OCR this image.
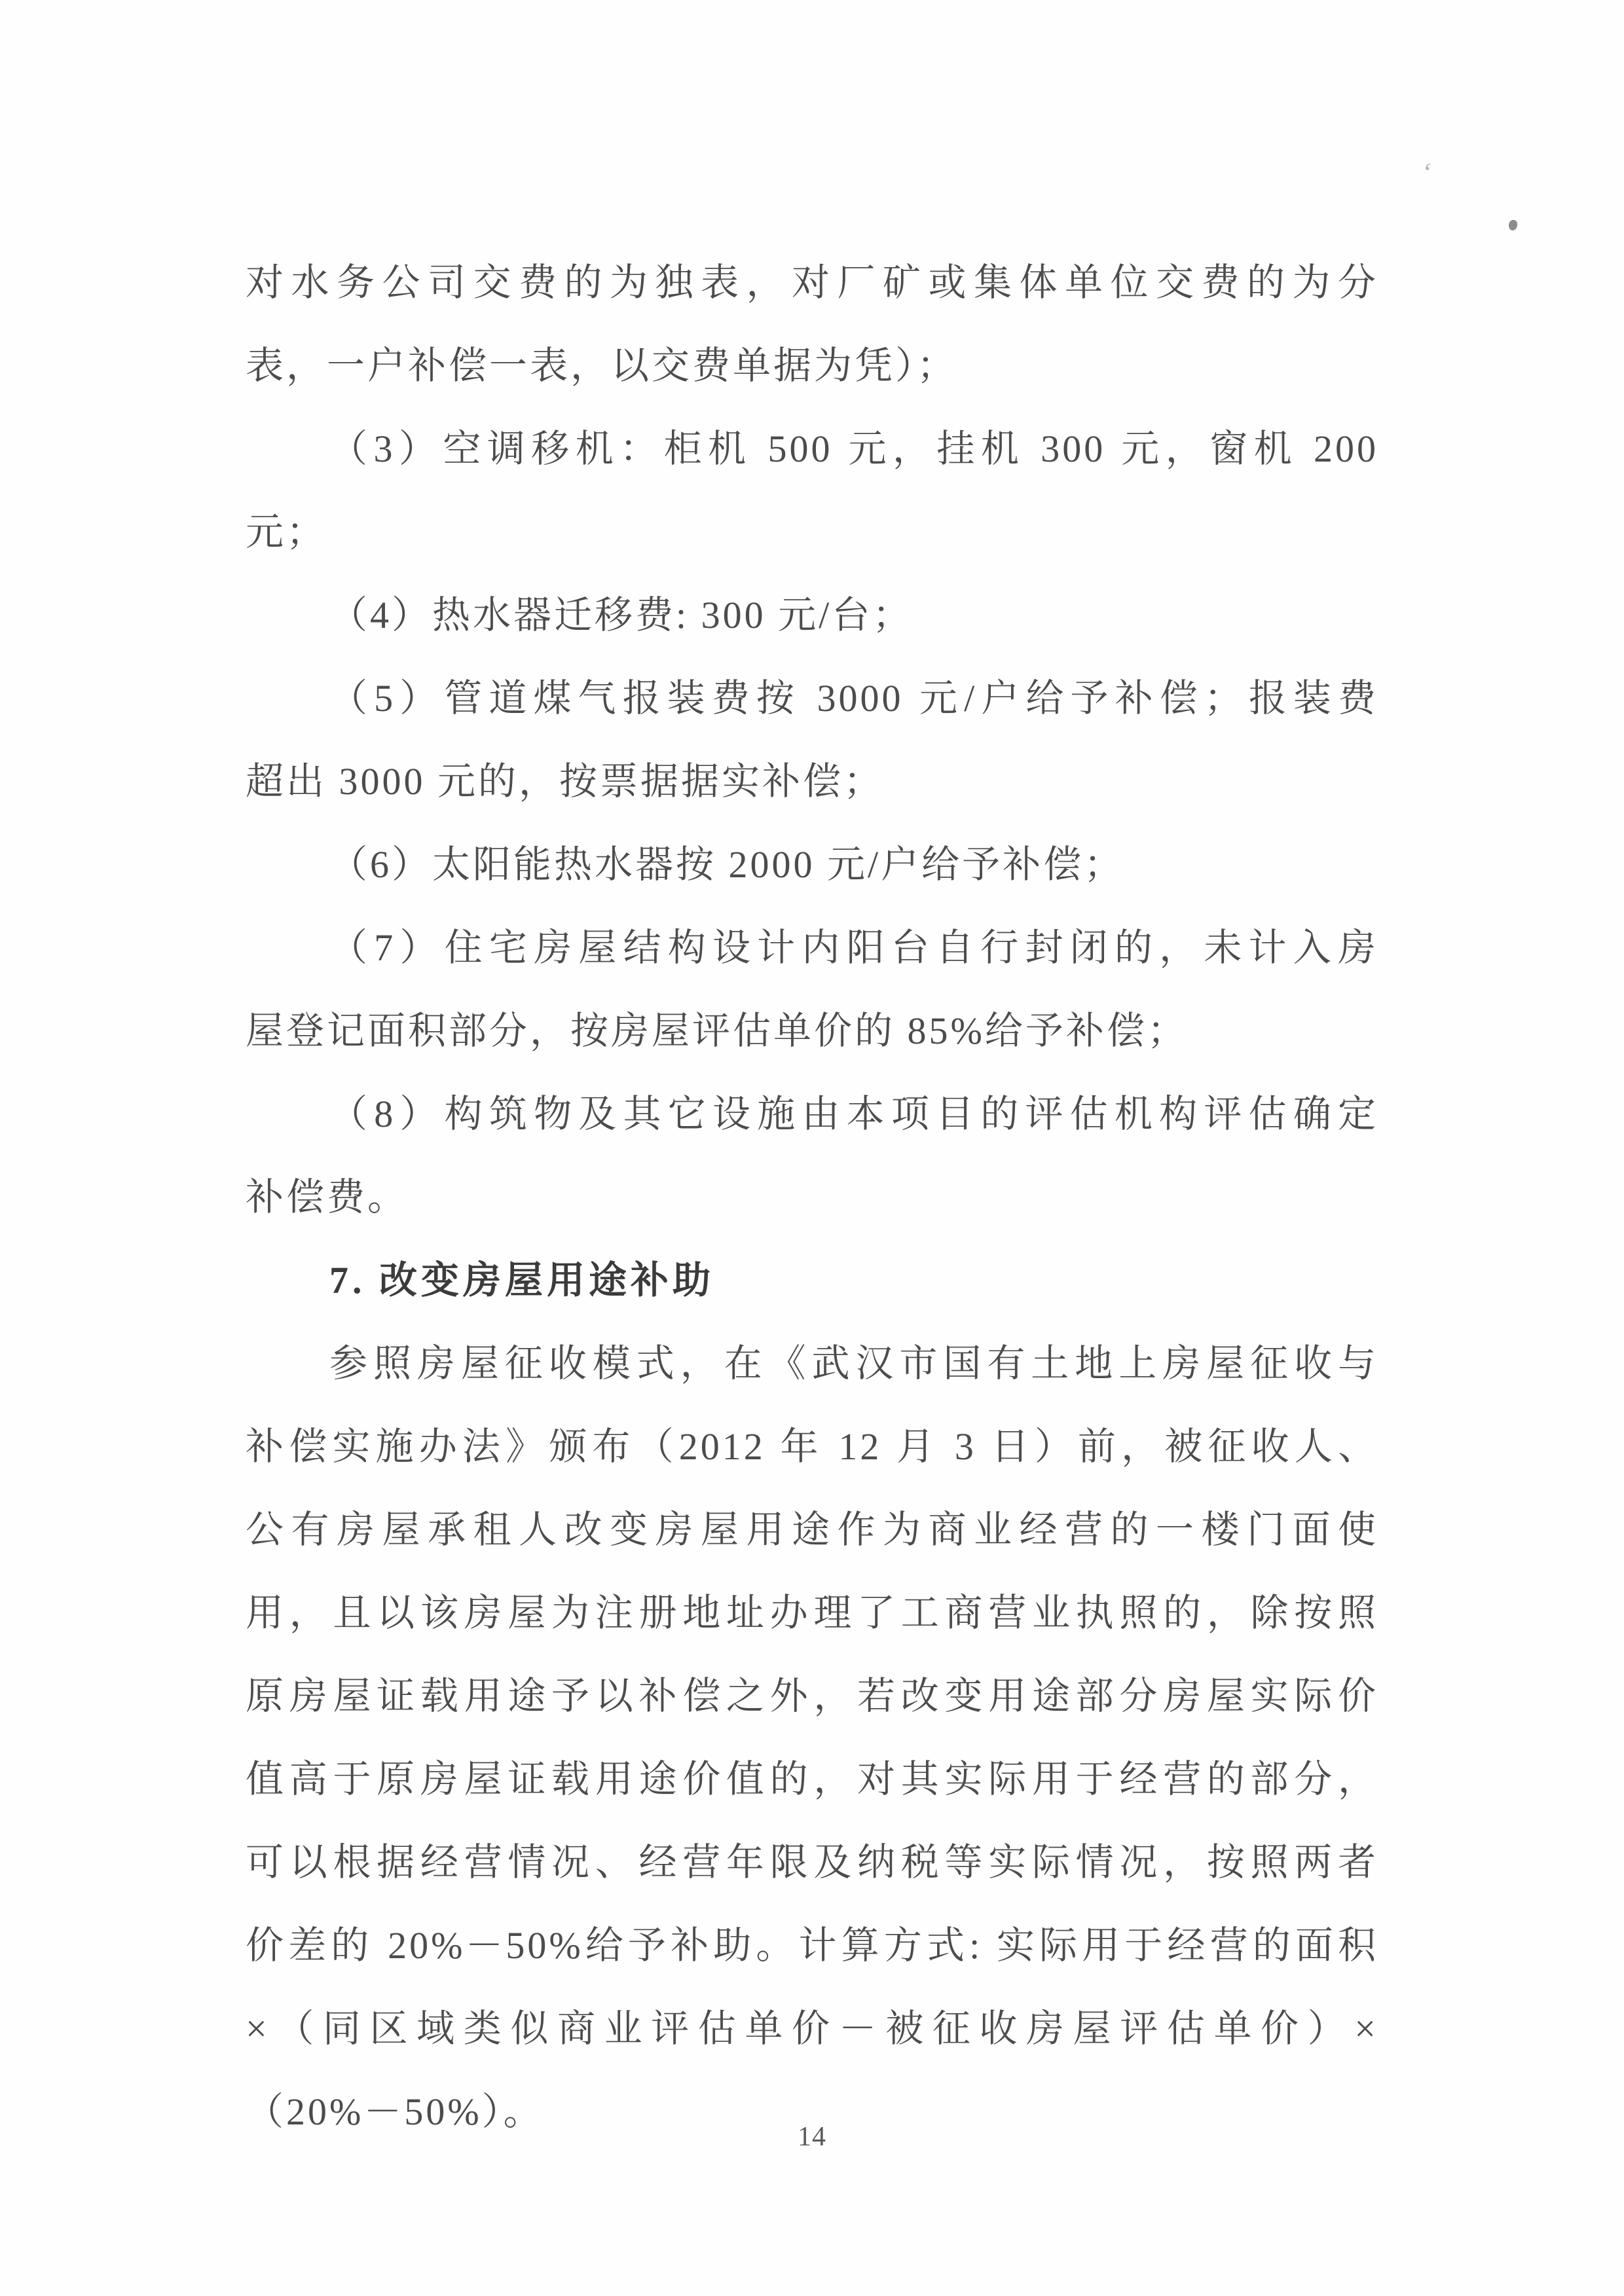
ʻ
对水务公司交费的为独表，对厂矿或集体单位交费的为分
表，一户补偿一表，以交费单据为凭）；
（3）空调移机：柜机 500 元，挂机 300 元，窗机 200
元；
（4）热水器迁移费: 300 元/台；
（5）管道煤气报装费按 3000 元/户给予补偿；报装费
超出 3000 元的，按票据据实补偿；
（6）太阳能热水器按 2000 元/户给予补偿；
（7）住宅房屋结构设计内阳台自行封闭的，未计入房
屋登记面积部分，按房屋评估单价的 85%给予补偿；
（8）构筑物及其它设施由本项目的评估机构评估确定
补偿费。
7. 改变房屋用途补助
参照房屋征收模式，在《武汉市国有土地上房屋征收与
补偿实施办法》颁布（2012 年 12 月 3 日）前，被征收人、
公有房屋承租人改变房屋用途作为商业经营的一楼门面使
用，且以该房屋为注册地址办理了工商营业执照的，除按照
原房屋证载用途予以补偿之外，若改变用途部分房屋实际价
值高于原房屋证载用途价值的，对其实际用于经营的部分，
可以根据经营情况、经营年限及纳税等实际情况，按照两者
价差的 20%－50%给予补助。计算方式: 实际用于经营的面积
×（同区域类似商业评估单价－被征收房屋评估单价）×
（20%－50%）。
14
